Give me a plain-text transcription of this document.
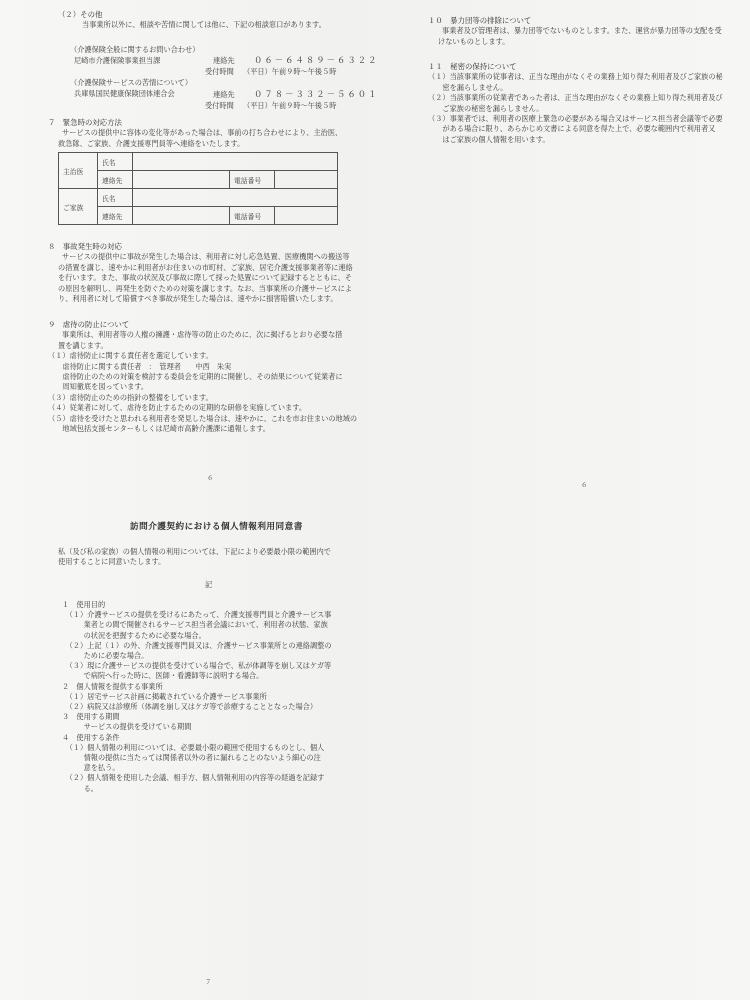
（２）その他
当事業所以外に、相談や苦情に関しては他に、下記の相談窓口があります。
（介護保険全般に関するお問い合わせ）
尼崎市介護保険事業担当課	連絡先 ０６－６４８９－６３２２
受付時間 （平日）午前９時〜午後５時
（介護保険サービスの苦情について）
兵庫県国民健康保険団体連合会	連絡先 ０７８－３３２－５６０１
受付時間 （平日）午前９時〜午後５時
７　緊急時の対応方法
サービスの提供中に容体の変化等があった場合は、事前の打ち合わせにより、主治医、
救急隊、ご家族、介護支援専門員等へ連絡をいたします。
主治医	氏名			
	連絡先		電話番号	
ご家族	氏名			
	連絡先		電話番号	
８　事故発生時の対応
サービスの提供中に事故が発生した場合は、利用者に対し応急処置、医療機関への搬送等
の措置を講じ、速やかに利用者がお住まいの市町村、ご家族、居宅介護支援事業者等に連絡
を行います。また、事故の状況及び事故に際して採った処置について記録するとともに、そ
の原因を解明し、再発生を防ぐための対策を講じます。なお、当事業所の介護サービスによ
り、利用者に対して賠償すべき事故が発生した場合は、速やかに損害賠償いたします。
９　虐待の防止について
事業所は、利用者等の人権の擁護・虐待等の防止のために、次に掲げるとおり必要な措
置を講じます。
（１）虐待防止に関する責任者を選定しています。
　　虐待防止に関する責任者　：　管理者　　中西　朱実
　　虐待防止のための対策を検討する委員会を定期的に開催し、その結果について従業者に
　　周知徹底を図っています。
（３）虐待防止のための指針の整備をしています。
（４）従業者に対して、虐待を防止するための定期的な研修を実施しています。
（５）虐待を受けたと思われる利用者を発見した場合は、速やかに、これを市お住まいの地域の
　　地域包括支援センターもしくは尼崎市高齢介護課に通報します。
６
１０　暴力団等の排除について
事業者及び管理者は、暴力団等でないものとします。また、運営が暴力団等の支配を受
けないものとします。
１１　秘密の保持について
（１）当該事業所の従事者は、正当な理由がなくその業務上知り得た利用者及びご家族の秘
　　密を漏らしません。
（２）当該事業所の従業者であった者は、正当な理由がなくその業務上知り得た利用者及び
　　ご家族の秘密を漏らしません。
（３）事業者では、利用者の医療上緊急の必要がある場合又はサービス担当者会議等で必要
　　がある場合に限り、あらかじめ文書による同意を得た上で、必要な範囲内で利用者又
　　はご家族の個人情報を用います。
６
訪問介護契約における個人情報利用同意書
私（及び私の家族）の個人情報の利用については、下記により必要最小限の範囲内で
使用することに同意いたします。
記
１　使用目的
　（１）介護サービスの提供を受けるにあたって、介護支援専門員と介護サービス事
　　　業者との間で開催されるサービス担当者会議において、利用者の状態、家族
　　　の状況を把握するために必要な場合。
　（２）上記（１）の外、介護支援専門員又は、介護サービス事業所との連絡調整の
　　　ために必要な場合。
　（３）現に介護サービスの提供を受けている場合で、私が体調等を崩し又はケガ等
　　　で病院へ行った時に、医師・看護師等に説明する場合。
２　個人情報を提供する事業所
　（１）居宅サービス計画に掲載されている介護サービス事業所
　（２）病院又は診療所（体調を崩し又はケガ等で診療することとなった場合）
３　使用する期間
　　　サービスの提供を受けている期間
４　使用する条件
　（１）個人情報の利用については、必要最小限の範囲で使用するものとし、個人
　　　情報の提供に当たっては関係者以外の者に漏れることのないよう細心の注
　　　意を払う。
　（２）個人情報を使用した会議、相手方、個人情報利用の内容等の経過を記録す
　　　る。
７
